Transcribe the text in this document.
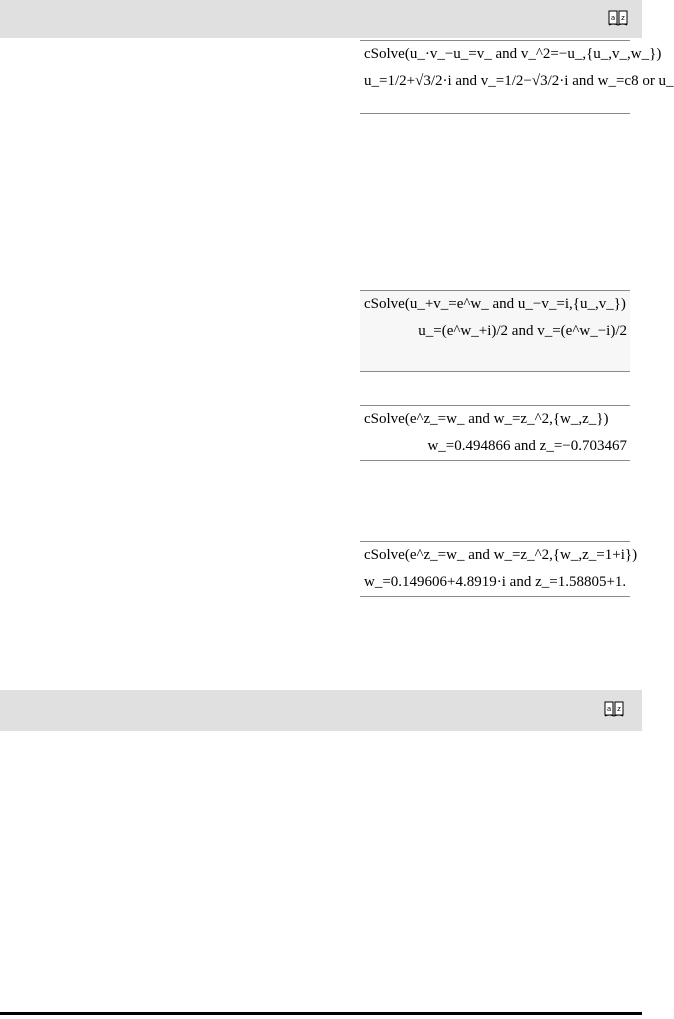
a z
cSolve(u_·v_−u_=v_ and v_^2=−u_,{u_,v_,w_})
u_=1/2+√3/2·i and v_=1/2−√3/2·i and w_=c8 or u_
cSolve(u_+v_=e^w_ and u_−v_=i,{u_,v_})
u_=(e^w_+i)/2 and v_=(e^w_−i)/2
cSolve(e^z_=w_ and w_=z_^2,{w_,z_})
w_=0.494866 and z_=−0.703467
cSolve(e^z_=w_ and w_=z_^2,{w_,z_=1+i})
w_=0.149606+4.8919·i and z_=1.58805+1.
a z
